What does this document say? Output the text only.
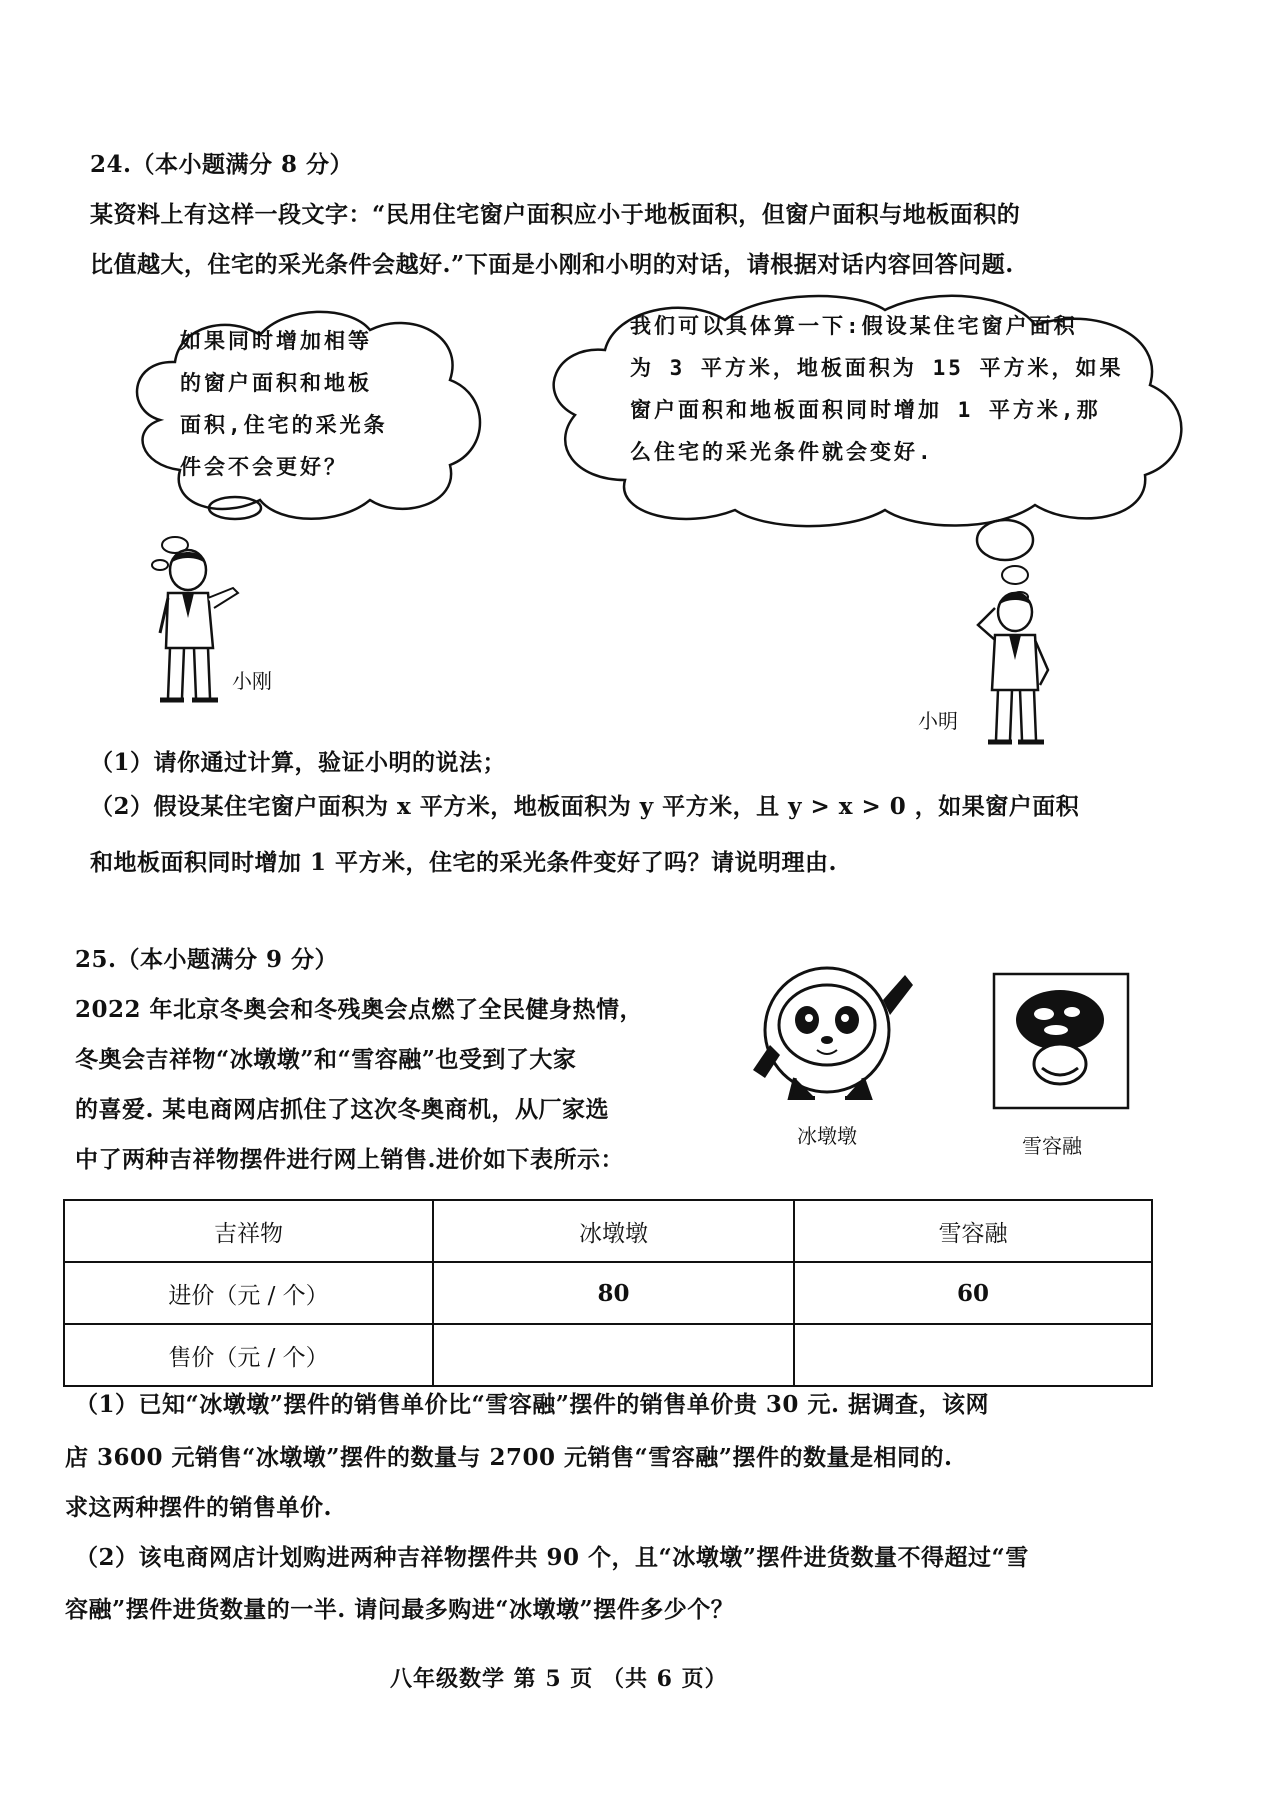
24.（本小题满分 8 分）
某资料上有这样一段文字：“民用住宅窗户面积应小于地板面积，但窗户面积与地板面积的
比值越大，住宅的采光条件会越好.”下面是小刚和小明的对话，请根据对话内容回答问题.
如果同时增加相等
的窗户面积和地板
面积,住宅的采光条
件会不会更好？
我们可以具体算一下:假设某住宅窗户面积
为 3 平方米，地板面积为 15 平方米，如果
窗户面积和地板面积同时增加 1 平方米,那
么住宅的采光条件就会变好.
小刚
小明
（1）请你通过计算，验证小明的说法；
（2）假设某住宅窗户面积为 x 平方米，地板面积为 y 平方米，且 y > x > 0 ，如果窗户面积
和地板面积同时增加 1 平方米，住宅的采光条件变好了吗？请说明理由.
25.（本小题满分 9 分）
2022 年北京冬奥会和冬残奥会点燃了全民健身热情，
冬奥会吉祥物“冰墩墩”和“雪容融”也受到了大家
的喜爱. 某电商网店抓住了这次冬奥商机，从厂家选
中了两种吉祥物摆件进行网上销售.进价如下表所示：
冰墩墩	雪容融
吉祥物	冰墩墩	雪容融
进价（元 / 个）	80	60
售价（元 / 个）		
（1）已知“冰墩墩”摆件的销售单价比“雪容融”摆件的销售单价贵 30 元. 据调查，该网
店 3600 元销售“冰墩墩”摆件的数量与 2700 元销售“雪容融”摆件的数量是相同的.
求这两种摆件的销售单价.
（2）该电商网店计划购进两种吉祥物摆件共 90 个，且“冰墩墩”摆件进货数量不得超过“雪
容融”摆件进货数量的一半. 请问最多购进“冰墩墩”摆件多少个？
八年级数学 第 5 页 （共 6 页）
